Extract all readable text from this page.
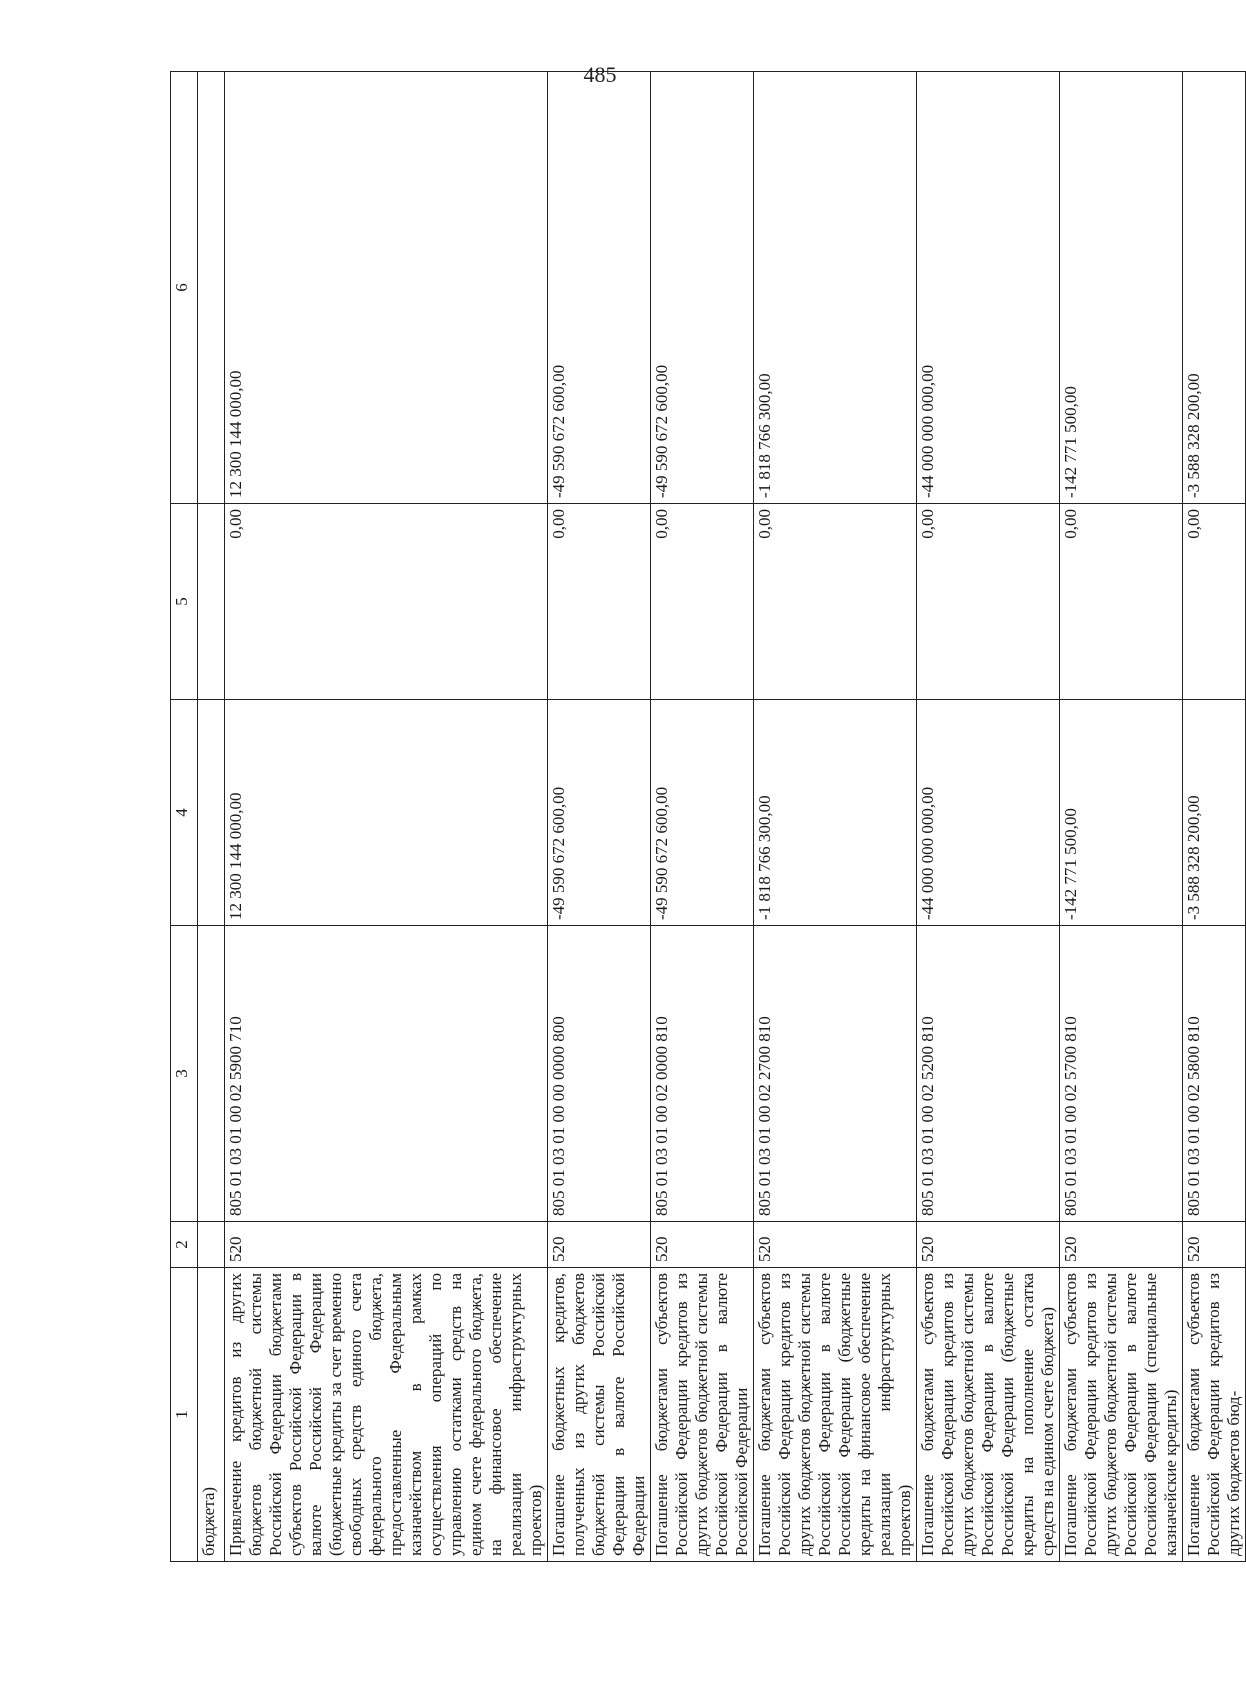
485
1	2	3	4	5	6
бюджета)					
Привлечение кредитов из других бюджетов бюджетной системы Российской Федерации бюджетами субъектов Российской Федерации в валюте Российской Федерации (бюджетные кредиты за счет временно свободных средств единого счета федерального бюджета, предоставленные Федеральным казначейством в рамках осуществления операций по управлению остатками средств на едином счете федерального бюджета, на финансовое обеспечение реализации инфраструктурных проектов)	520	805 01 03 01 00 02 5900 710	12 300 144 000,00	0,00	12 300 144 000,00
Погашение бюджетных кредитов, полученных из других бюджетов бюджетной системы Российской Федерации в валюте Российской Федерации	520	805 01 03 01 00 00 0000 800	-49 590 672 600,00	0,00	-49 590 672 600,00
Погашение бюджетами субъектов Российской Федерации кредитов из других бюджетов бюджетной системы Российской Федерации в валюте Российской Федерации	520	805 01 03 01 00 02 0000 810	-49 590 672 600,00	0,00	-49 590 672 600,00
Погашение бюджетами субъектов Российской Федерации кредитов из других бюджетов бюджетной системы Российской Федерации в валюте Российской Федерации (бюджетные кредиты на финансовое обеспечение реализации инфраструктурных проектов)	520	805 01 03 01 00 02 2700 810	-1 818 766 300,00	0,00	-1 818 766 300,00
Погашение бюджетами субъектов Российской Федерации кредитов из других бюджетов бюджетной системы Российской Федерации в валюте Российской Федерации (бюджетные кредиты на пополнение остатка средств на едином счете бюджета)	520	805 01 03 01 00 02 5200 810	-44 000 000 000,00	0,00	-44 000 000 000,00
Погашение бюджетами субъектов Российской Федерации кредитов из других бюджетов бюджетной системы Российской Федерации в валюте Российской Федерации (специальные казначейские кредиты)	520	805 01 03 01 00 02 5700 810	-142 771 500,00	0,00	-142 771 500,00
Погашение бюджетами субъектов Российской Федерации кредитов из других бюджетов бюд-	520	805 01 03 01 00 02 5800 810	-3 588 328 200,00	0,00	-3 588 328 200,00
